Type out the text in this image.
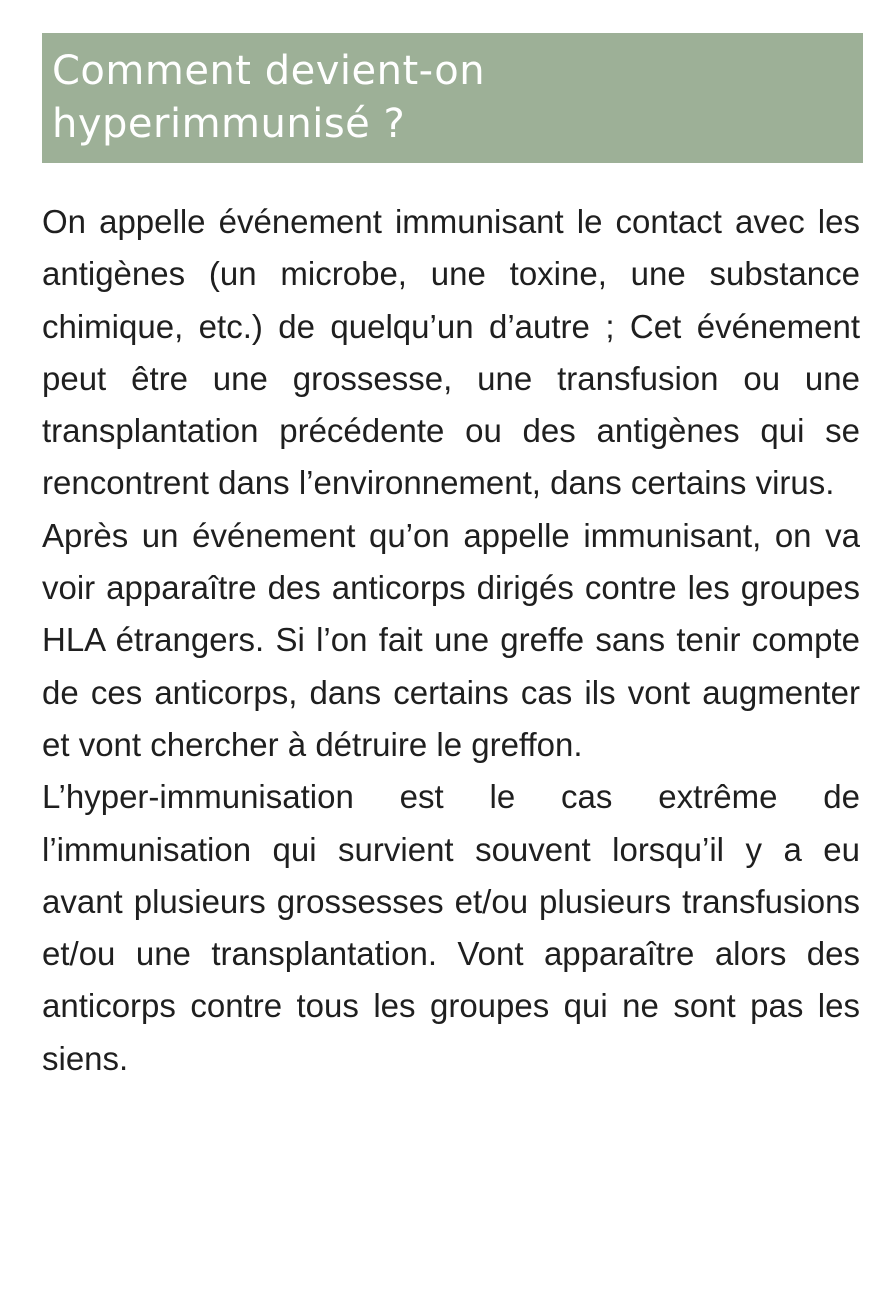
Comment devient-on
hyperimmunisé ?

On appelle événement immunisant le contact avec les antigènes (un microbe, une toxine, une substance chimique, etc.) de quelqu’un d’autre ; Cet événement peut être une grossesse, une transfusion ou une transplantation précédente ou des antigènes qui se rencontrent dans l’environnement, dans certains virus.

Après un événement qu’on appelle immunisant, on va voir apparaître des anticorps dirigés contre les groupes HLA étrangers. Si l’on fait une greffe sans tenir compte de ces anticorps, dans certains cas ils vont augmenter et vont chercher à détruire le greffon.

L’hyper-immunisation est le cas extrême de l’immunisation qui survient souvent lorsqu’il y a eu avant plusieurs grossesses et/ou plusieurs transfusions et/ou une transplantation. Vont apparaître alors des anticorps contre tous les groupes qui ne sont pas les siens.
